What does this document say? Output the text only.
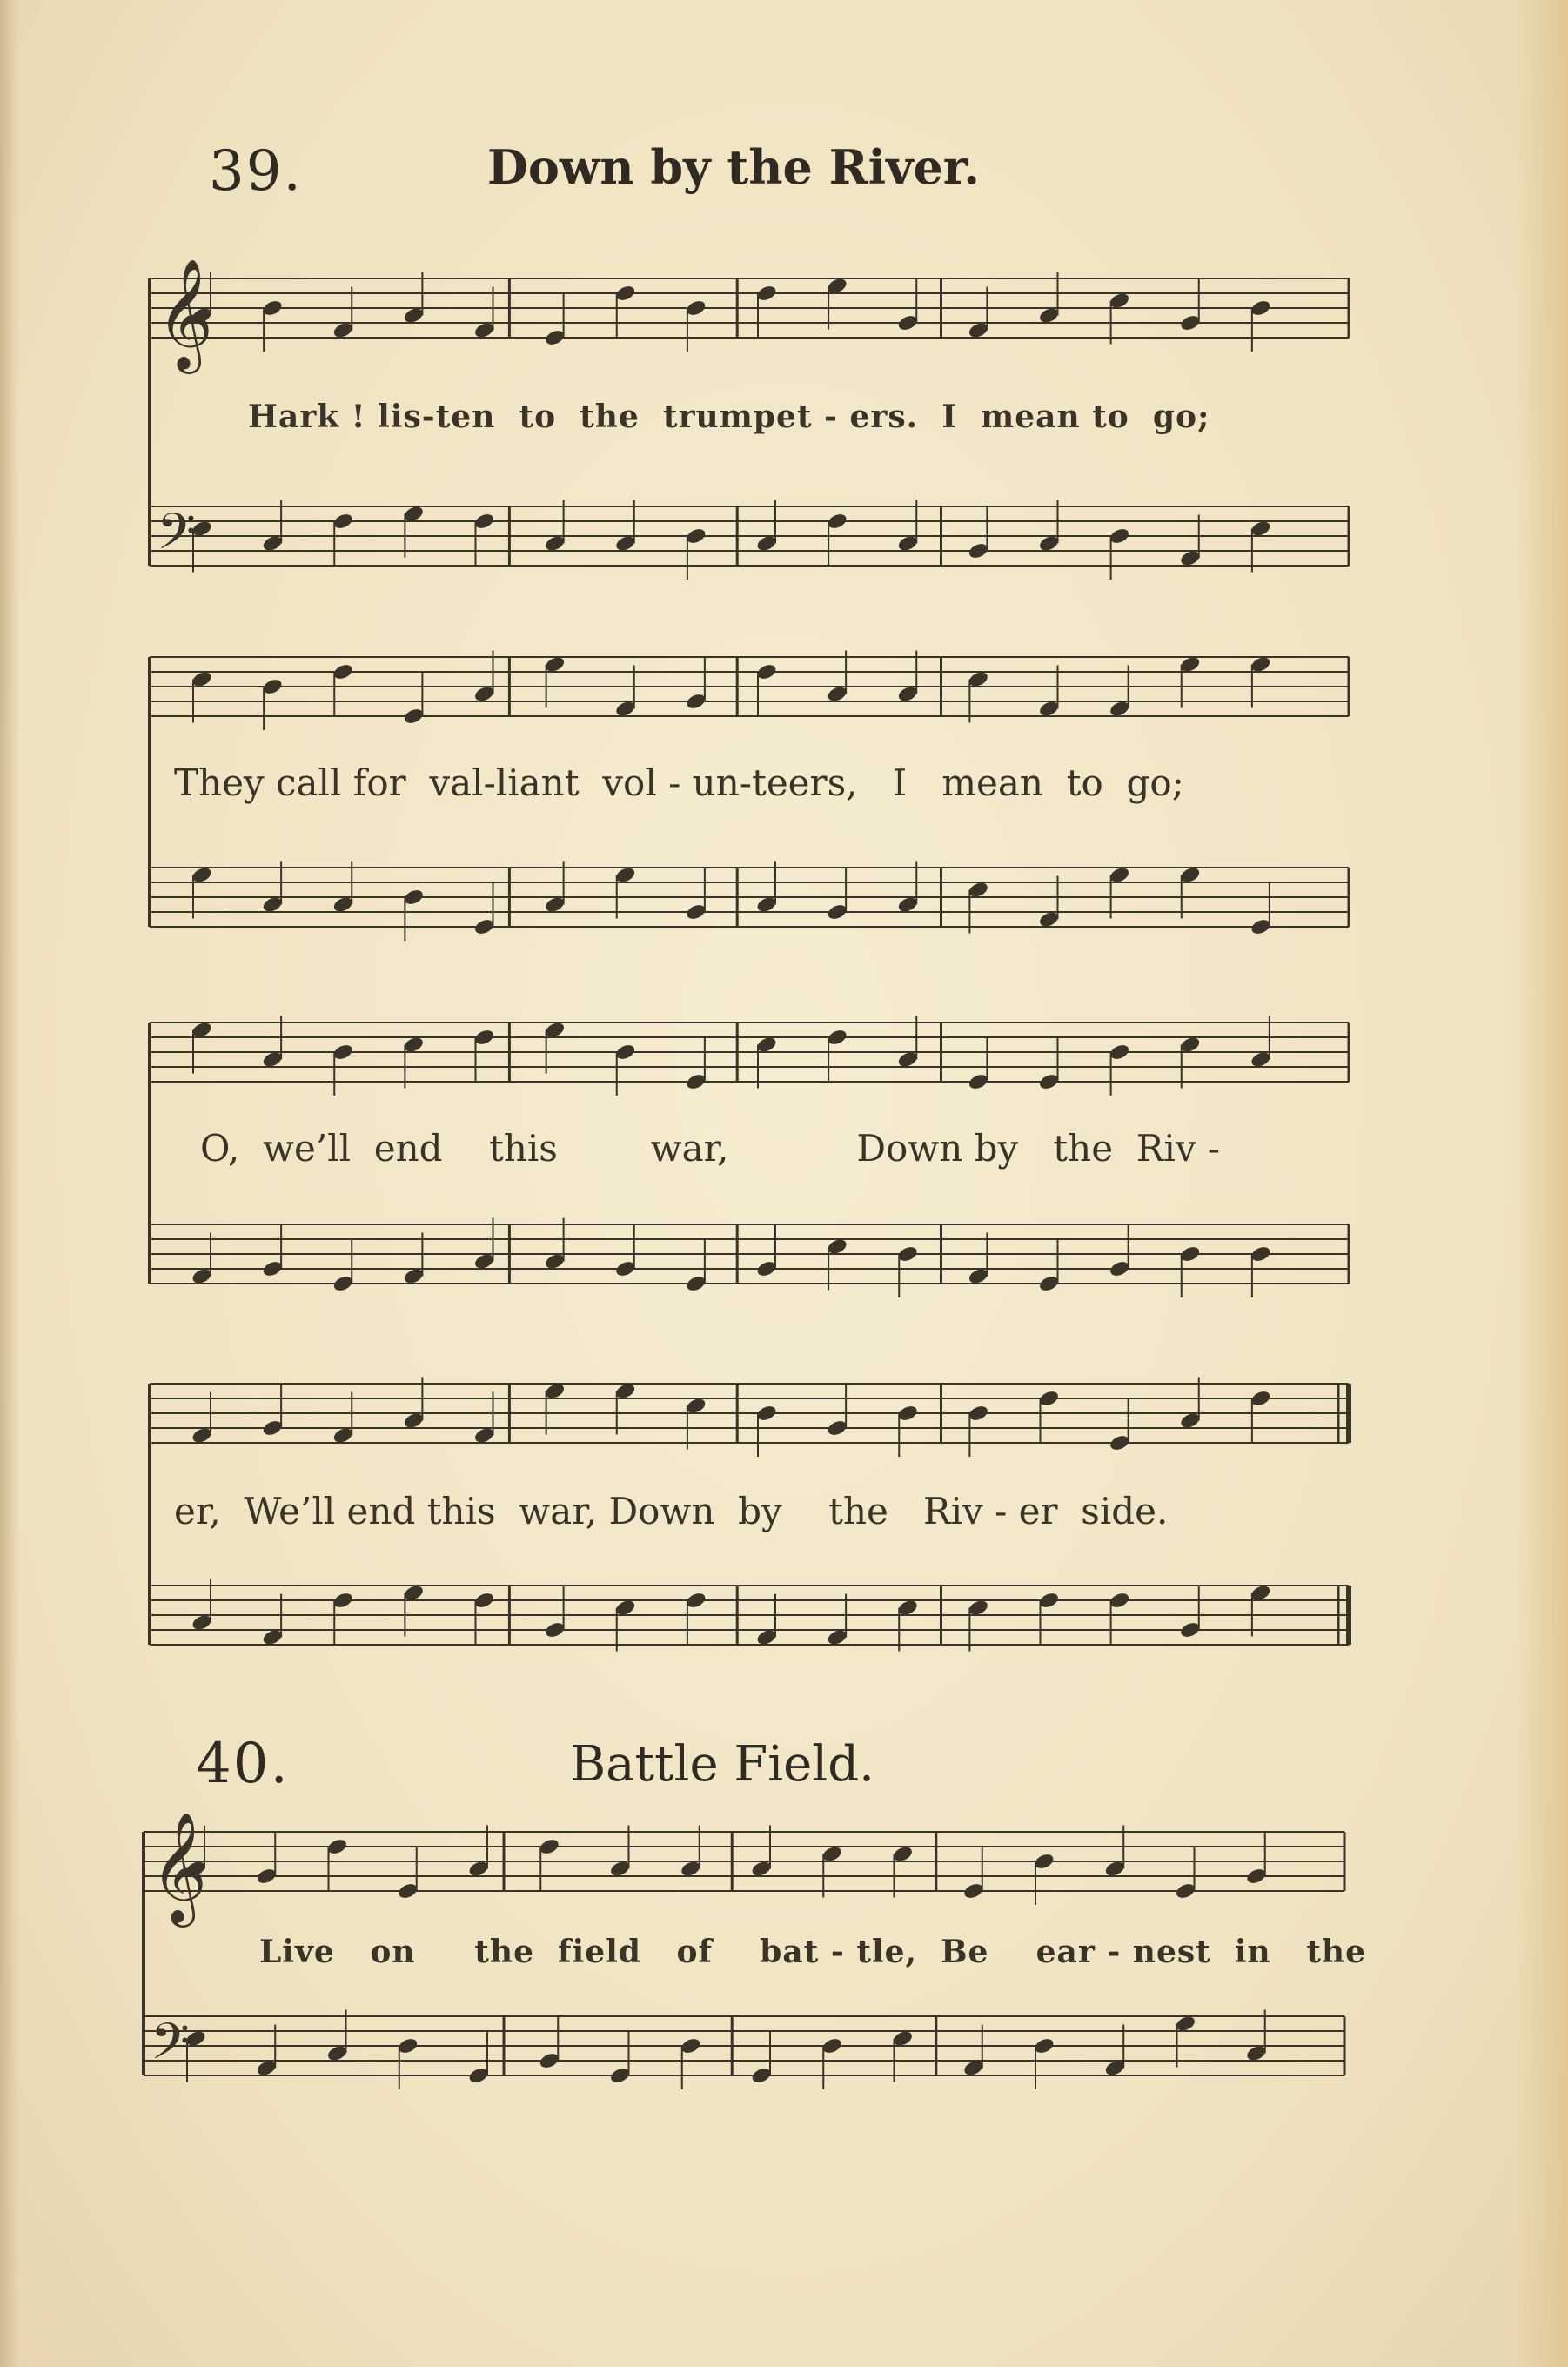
39.	Down by the River.
𝄞
𝄢
Hark ! lis-ten  to  the  trumpet - ers.  I  mean to  go;
They call for  val-liant  vol - un-teers,   I   mean  to  go;
O,  we’ll  end    this        war,           Down by   the  Riv -
er,  We’ll end this  war, Down  by    the   Riv - er  side.
40.	Battle Field.
𝄞
𝄢
Live   on     the  field   of    bat - tle,  Be    ear - nest  in   the
